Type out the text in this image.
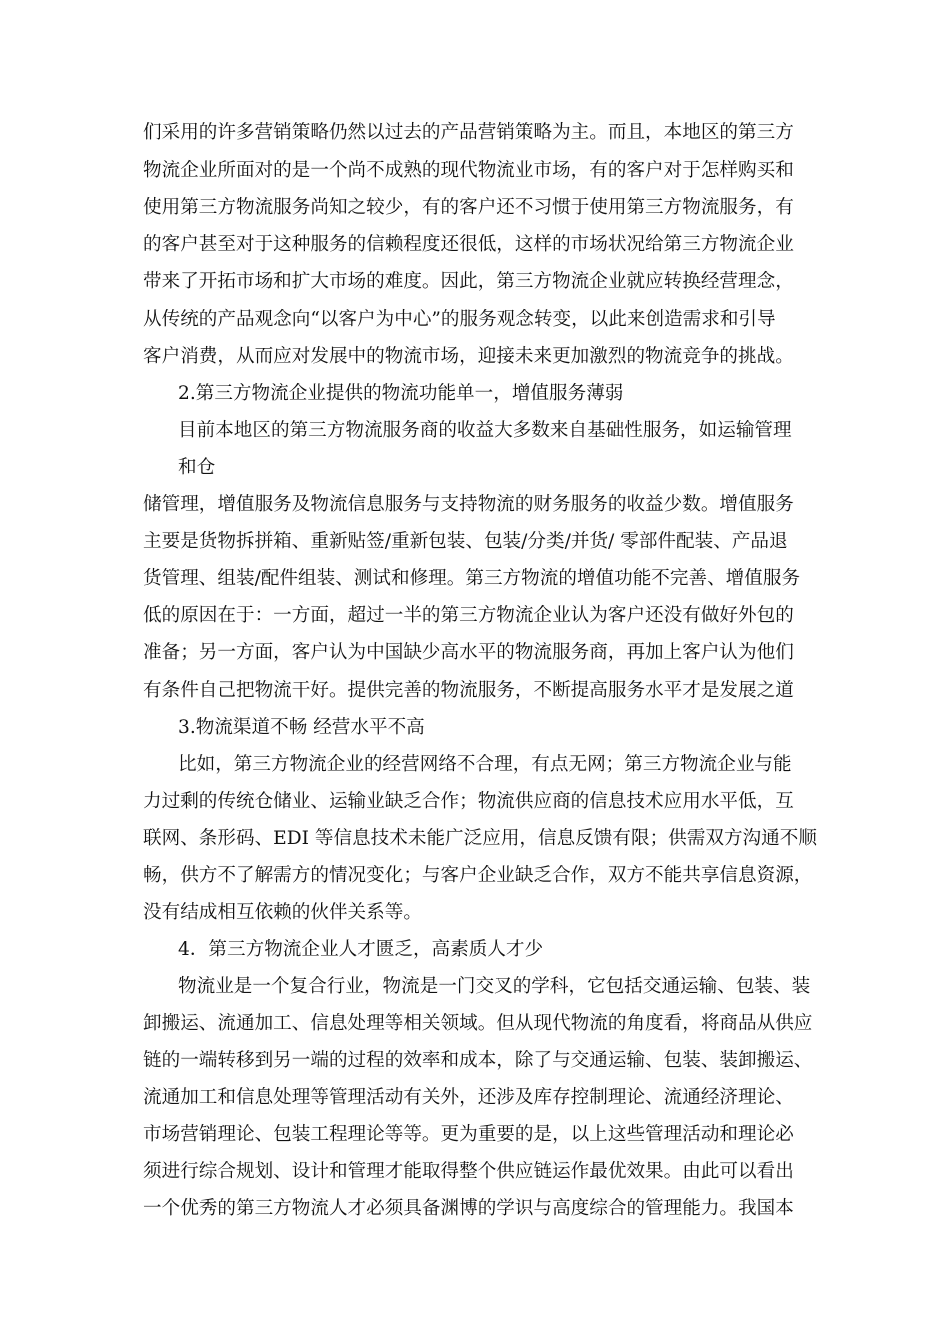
们采用的许多营销策略仍然以过去的产品营销策略为主。而且，本地区的第三方
物流企业所面对的是一个尚不成熟的现代物流业市场，有的客户对于怎样购买和
使用第三方物流服务尚知之较少，有的客户还不习惯于使用第三方物流服务，有
的客户甚至对于这种服务的信赖程度还很低，这样的市场状况给第三方物流企业
带来了开拓市场和扩大市场的难度。因此，第三方物流企业就应转换经营理念，
从传统的产品观念向“以客户为中心”的服务观念转变，以此来创造需求和引导
客户消费，从而应对发展中的物流市场，迎接未来更加激烈的物流竞争的挑战。
2.第三方物流企业提供的物流功能单一，增值服务薄弱
目前本地区的第三方物流服务商的收益大多数来自基础性服务，如运输管理
和仓
储管理，增值服务及物流信息服务与支持物流的财务服务的收益少数。增值服务
主要是货物拆拼箱、重新贴签/重新包装、包装/分类/并货/ 零部件配装、产品退
货管理、组装/配件组装、测试和修理。第三方物流的增值功能不完善、增值服务
低的原因在于：一方面，超过一半的第三方物流企业认为客户还没有做好外包的
准备；另一方面，客户认为中国缺少高水平的物流服务商，再加上客户认为他们
有条件自己把物流干好。提供完善的物流服务，不断提高服务水平才是发展之道
3.物流渠道不畅 经营水平不高
比如，第三方物流企业的经营网络不合理，有点无网；第三方物流企业与能
力过剩的传统仓储业、运输业缺乏合作；物流供应商的信息技术应用水平低，互
联网、条形码、EDI 等信息技术未能广泛应用，信息反馈有限；供需双方沟通不顺
畅，供方不了解需方的情况变化；与客户企业缺乏合作，双方不能共享信息资源，
没有结成相互依赖的伙伴关系等。
4．第三方物流企业人才匮乏，高素质人才少
物流业是一个复合行业，物流是一门交叉的学科，它包括交通运输、包装、装
卸搬运、流通加工、信息处理等相关领域。但从现代物流的角度看，将商品从供应
链的一端转移到另一端的过程的效率和成本，除了与交通运输、包装、装卸搬运、
流通加工和信息处理等管理活动有关外，还涉及库存控制理论、流通经济理论、
市场营销理论、包装工程理论等等。更为重要的是，以上这些管理活动和理论必
须进行综合规划、设计和管理才能取得整个供应链运作最优效果。由此可以看出
一个优秀的第三方物流人才必须具备渊博的学识与高度综合的管理能力。我国本
